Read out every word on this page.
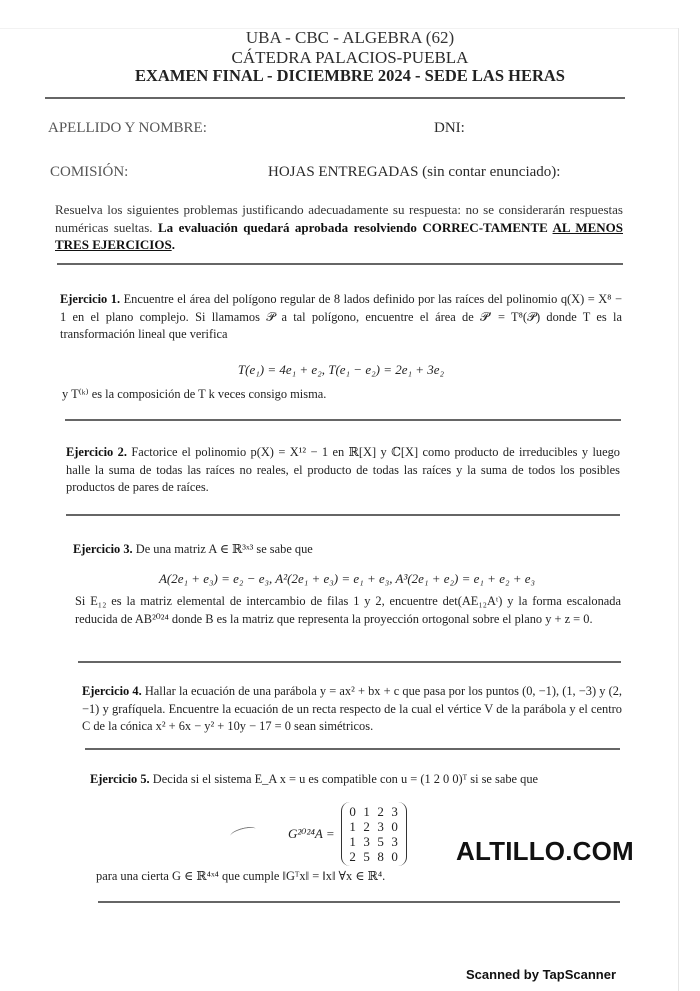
UBA - CBC - ALGEBRA (62)
CÁTEDRA PALACIOS-PUEBLA
EXAMEN FINAL - DICIEMBRE 2024 - SEDE LAS HERAS
APELLIDO Y NOMBRE:	DNI:
COMISIÓN:	HOJAS ENTREGADAS (sin contar enunciado):
Resuelva los siguientes problemas justificando adecuadamente su respuesta: no se considerarán respuestas numéricas sueltas. La evaluación quedará aprobada resolviendo CORREC-TAMENTE AL MENOS TRES EJERCICIOS.
Ejercicio 1. Encuentre el área del polígono regular de 8 lados definido por las raíces del polinomio q(X) = X⁸ − 1 en el plano complejo. Si llamamos 𝒫 a tal polígono, encuentre el área de 𝒫′ = T⁸(𝒫) donde T es la transformación lineal que verifica
T(e₁) = 4e₁ + e₂, T(e₁ − e₂) = 2e₁ + 3e₂
y T⁽ᵏ⁾ es la composición de T k veces consigo misma.
Ejercicio 2. Factorice el polinomio p(X) = X¹² − 1 en ℝ[X] y ℂ[X] como producto de irreducibles y luego halle la suma de todas las raíces no reales, el producto de todas las raíces y la suma de todos los posibles productos de pares de raíces.
Ejercicio 3. De una matriz A ∈ ℝ³ˣ³ se sabe que
A(2e₁ + e₃) = e₂ − e₃, A²(2e₁ + e₃) = e₁ + e₃, A³(2e₁ + e₂) = e₁ + e₂ + e₃
Si E₁₂ es la matriz elemental de intercambio de filas 1 y 2, encuentre det(AE₁₂Aᵗ) y la forma escalonada reducida de AB²⁰²⁴ donde B es la matriz que representa la proyección ortogonal sobre el plano y + z = 0.
Ejercicio 4. Hallar la ecuación de una parábola y = ax² + bx + c que pasa por los puntos (0, −1), (1, −3) y (2, −1) y grafíquela. Encuentre la ecuación de un recta respecto de la cual el vértice V de la parábola y el centro C de la cónica x² + 6x − y² + 10y − 17 = 0 sean simétricos.
Ejercicio 5. Decida si el sistema E_A x = u es compatible con u = (1 2 0 0)ᵀ si se sabe que
G²⁰²⁴A =
0 1 2 3
1 2 3 0
1 3 5 3
2 5 8 0
para una cierta G ∈ ℝ⁴ˣ⁴ que cumple ‖Gᵀx‖ = ‖x‖ ∀x ∈ ℝ⁴.
ALTILLO.COM
Scanned by TapScanner
